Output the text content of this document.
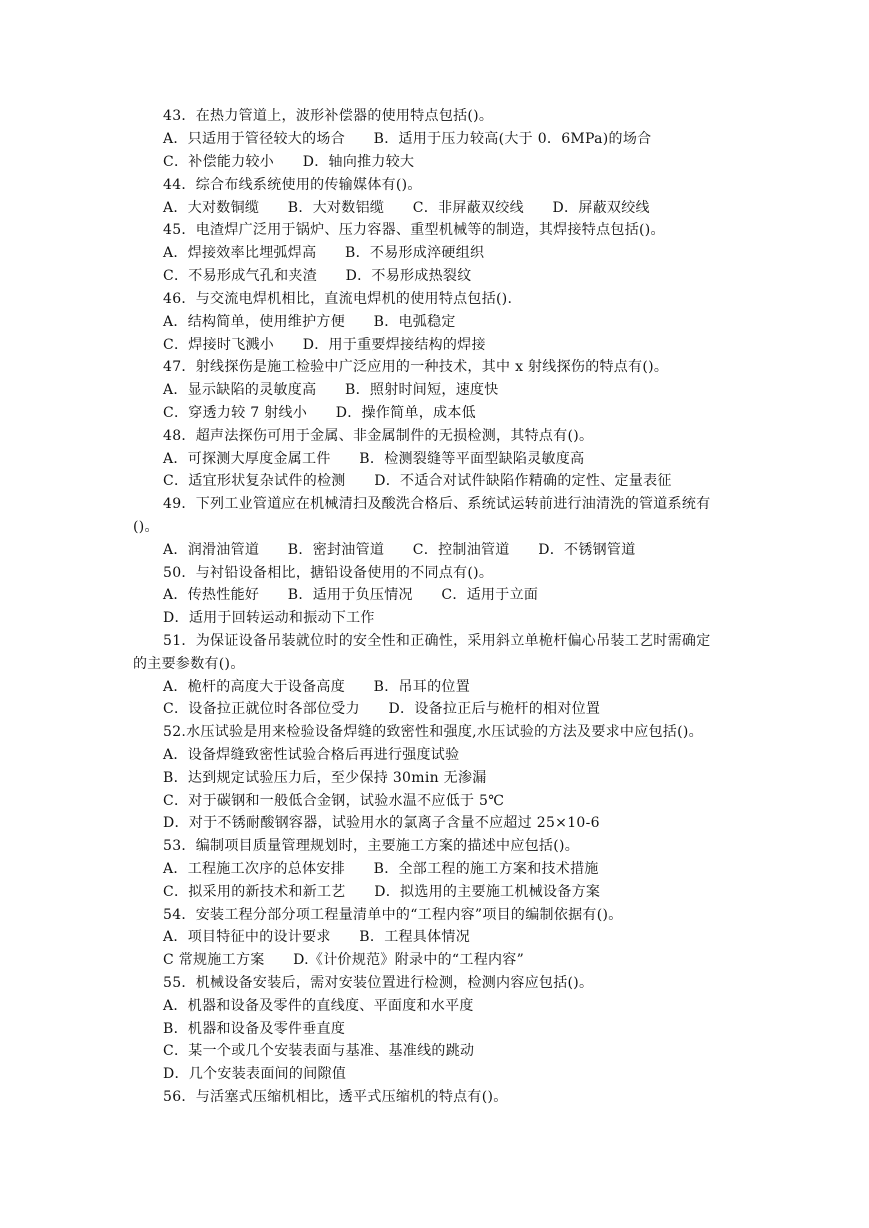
43．在热力管道上，波形补偿器的使用特点包括()。
A．只适用于管径较大的场合　　B．适用于压力较高(大于 0．6MPa)的场合
C．补偿能力较小　　D．轴向推力较大
44．综合布线系统使用的传输媒体有()。
A．大对数铜缆　　B．大对数铝缆　　C．非屏蔽双绞线　　D．屏蔽双绞线
45．电渣焊广泛用于锅炉、压力容器、重型机械等的制造，其焊接特点包括()。
A．焊接效率比埋弧焊高　　B．不易形成淬硬组织
C．不易形成气孔和夹渣　　D．不易形成热裂纹
46．与交流电焊机相比，直流电焊机的使用特点包括().
A．结构简单，使用维护方便　　B．电弧稳定
C．焊接时飞溅小　　D．用于重要焊接结构的焊接
47．射线探伤是施工检验中广泛应用的一种技术，其中 x 射线探伤的特点有()。
A．显示缺陷的灵敏度高　　B．照射时间短，速度快
C．穿透力较 7 射线小　　D．操作简单，成本低
48．超声法探伤可用于金属、非金属制件的无损检测，其特点有()。
A．可探测大厚度金属工件　　B．检测裂缝等平面型缺陷灵敏度高
C．适宜形状复杂试件的检测　　D．不适合对试件缺陷作精确的定性、定量表征
49．下列工业管道应在机械清扫及酸洗合格后、系统试运转前进行油清洗的管道系统有
()。
A．润滑油管道　　B．密封油管道　　C．控制油管道　　D．不锈钢管道
50．与衬铅设备相比，搪铅设备使用的不同点有()。
A．传热性能好　　B．适用于负压情况　　C．适用于立面
D．适用于回转运动和振动下工作
51．为保证设备吊装就位时的安全性和正确性，采用斜立单桅杆偏心吊装工艺时需确定
的主要参数有()。
A．桅杆的高度大于设备高度　　B．吊耳的位置
C．设备拉正就位时各部位受力　　D．设备拉正后与桅杆的相对位置
52.水压试验是用来检验设备焊缝的致密性和强度,水压试验的方法及要求中应包括()。
A．设备焊缝致密性试验合格后再进行强度试验
B．达到规定试验压力后，至少保持 30min 无渗漏
C．对于碳钢和一般低合金钢，试验水温不应低于 5℃
D．对于不锈耐酸钢容器，试验用水的氯离子含量不应超过 25×10-6
53．编制项目质量管理规划时，主要施工方案的描述中应包括()。
A．工程施工次序的总体安排　　B．全部工程的施工方案和技术措施
C．拟采用的新技术和新工艺　　D．拟选用的主要施工机械设备方案
54．安装工程分部分项工程量清单中的“工程内容”项目的编制依据有()。
A．项目特征中的设计要求　　B．工程具体情况
C 常规施工方案　　D.《计价规范》附录中的“工程内容”
55．机械设备安装后，需对安装位置进行检测，检测内容应包括()。
A．机器和设备及零件的直线度、平面度和水平度
B．机器和设备及零件垂直度
C．某一个或几个安装表面与基准、基准线的跳动
D．几个安装表面间的间隙值
56．与活塞式压缩机相比，透平式压缩机的特点有()。
